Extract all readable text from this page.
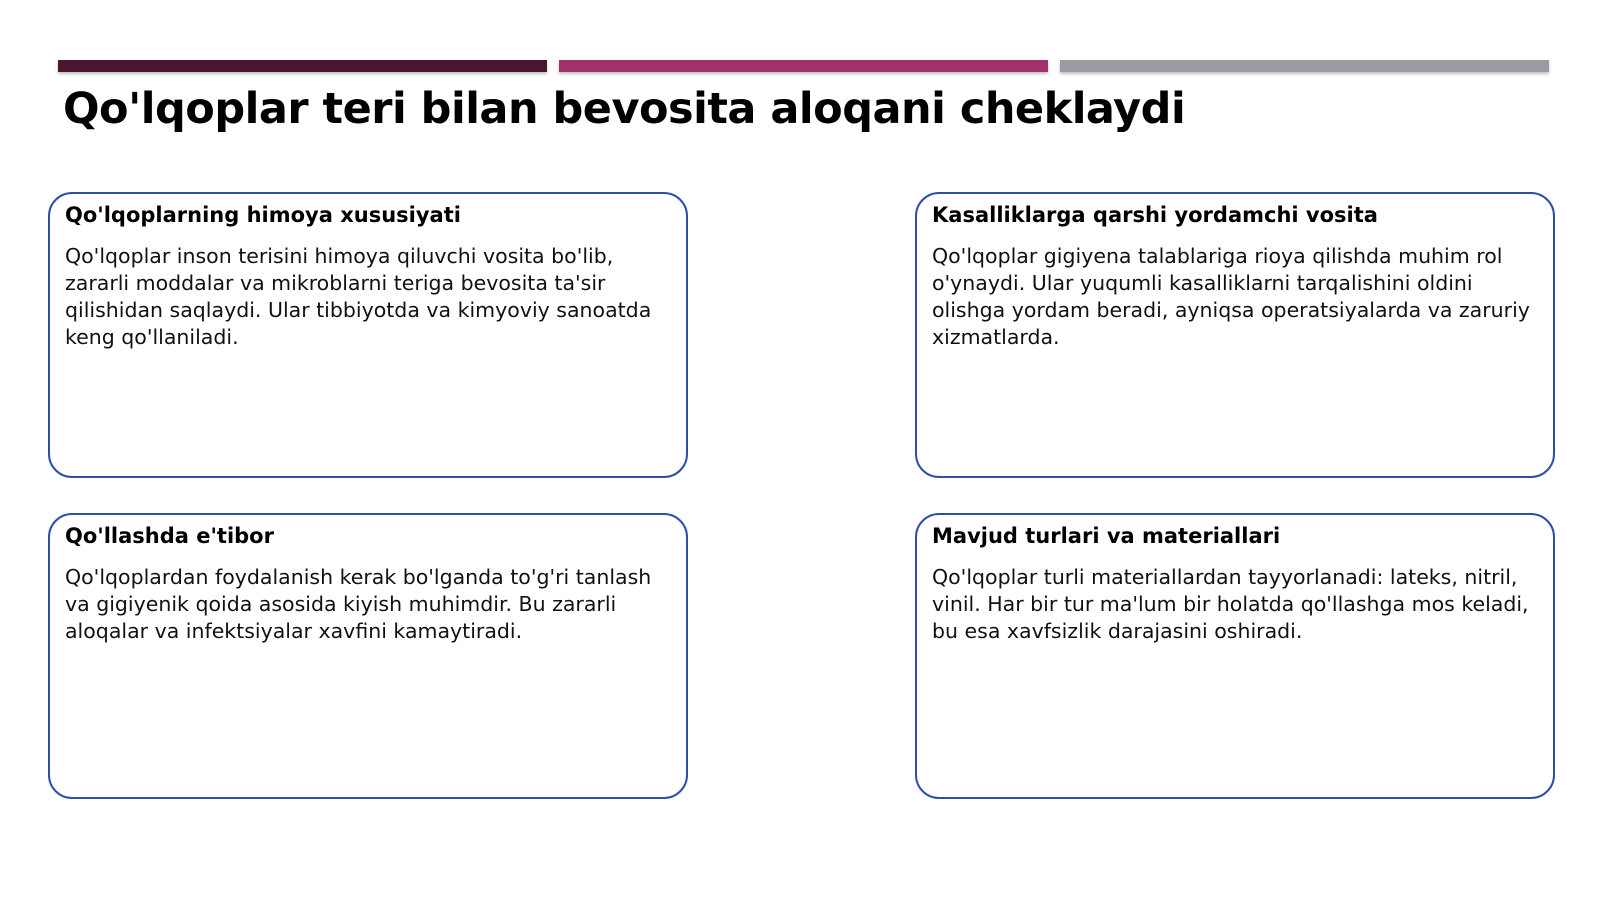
Qo'lqoplar teri bilan bevosita aloqani cheklaydi
Qo'lqoplarning himoya xususiyati

Qo'lqoplar inson terisini himoya qiluvchi vosita bo'lib, zararli moddalar va mikroblarni teriga bevosita ta'sir qilishidan saqlaydi. Ular tibbiyotda va kimyoviy sanoatda keng qo'llaniladi.

Kasalliklarga qarshi yordamchi vosita

Qo'lqoplar gigiyena talablariga rioya qilishda muhim rol o'ynaydi. Ular yuqumli kasalliklarni tarqalishini oldini olishga yordam beradi, ayniqsa operatsiyalarda va zaruriy xizmatlarda.

Qo'llashda e'tibor

Qo'lqoplardan foydalanish kerak bo'lganda to'g'ri tanlash va gigiyenik qoida asosida kiyish muhimdir. Bu zararli aloqalar va infektsiyalar xavfini kamaytiradi.

Mavjud turlari va materiallari

Qo'lqoplar turli materiallardan tayyorlanadi: lateks, nitril, vinil. Har bir tur ma'lum bir holatda qo'llashga mos keladi, bu esa xavfsizlik darajasini oshiradi.
